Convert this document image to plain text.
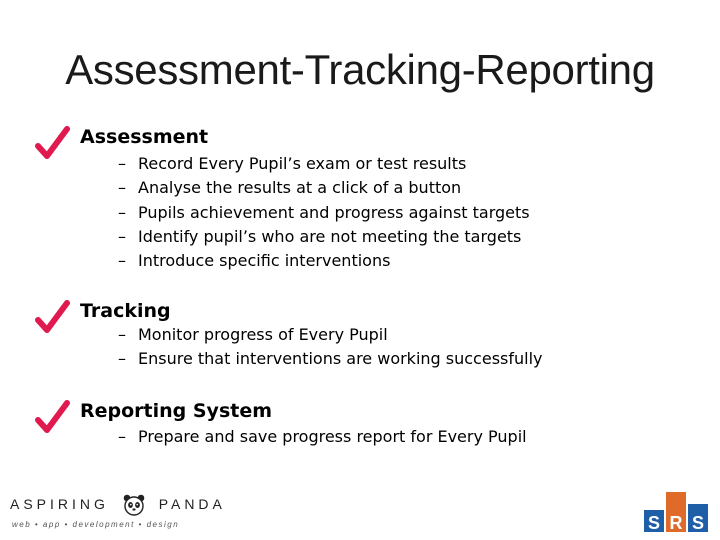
Assessment-Tracking-Reporting
Assessment
– Record Every Pupil’s exam or test results
– Analyse the results at a click of a button
– Pupils achievement and progress against targets
– Identify pupil’s who are not meeting the targets
– Introduce specific interventions
Tracking
– Monitor progress of Every Pupil
– Ensure that interventions are working successfully
Reporting System
– Prepare and save progress report for Every Pupil
ASPIRING	PANDA
web • app • development • design	S R S
